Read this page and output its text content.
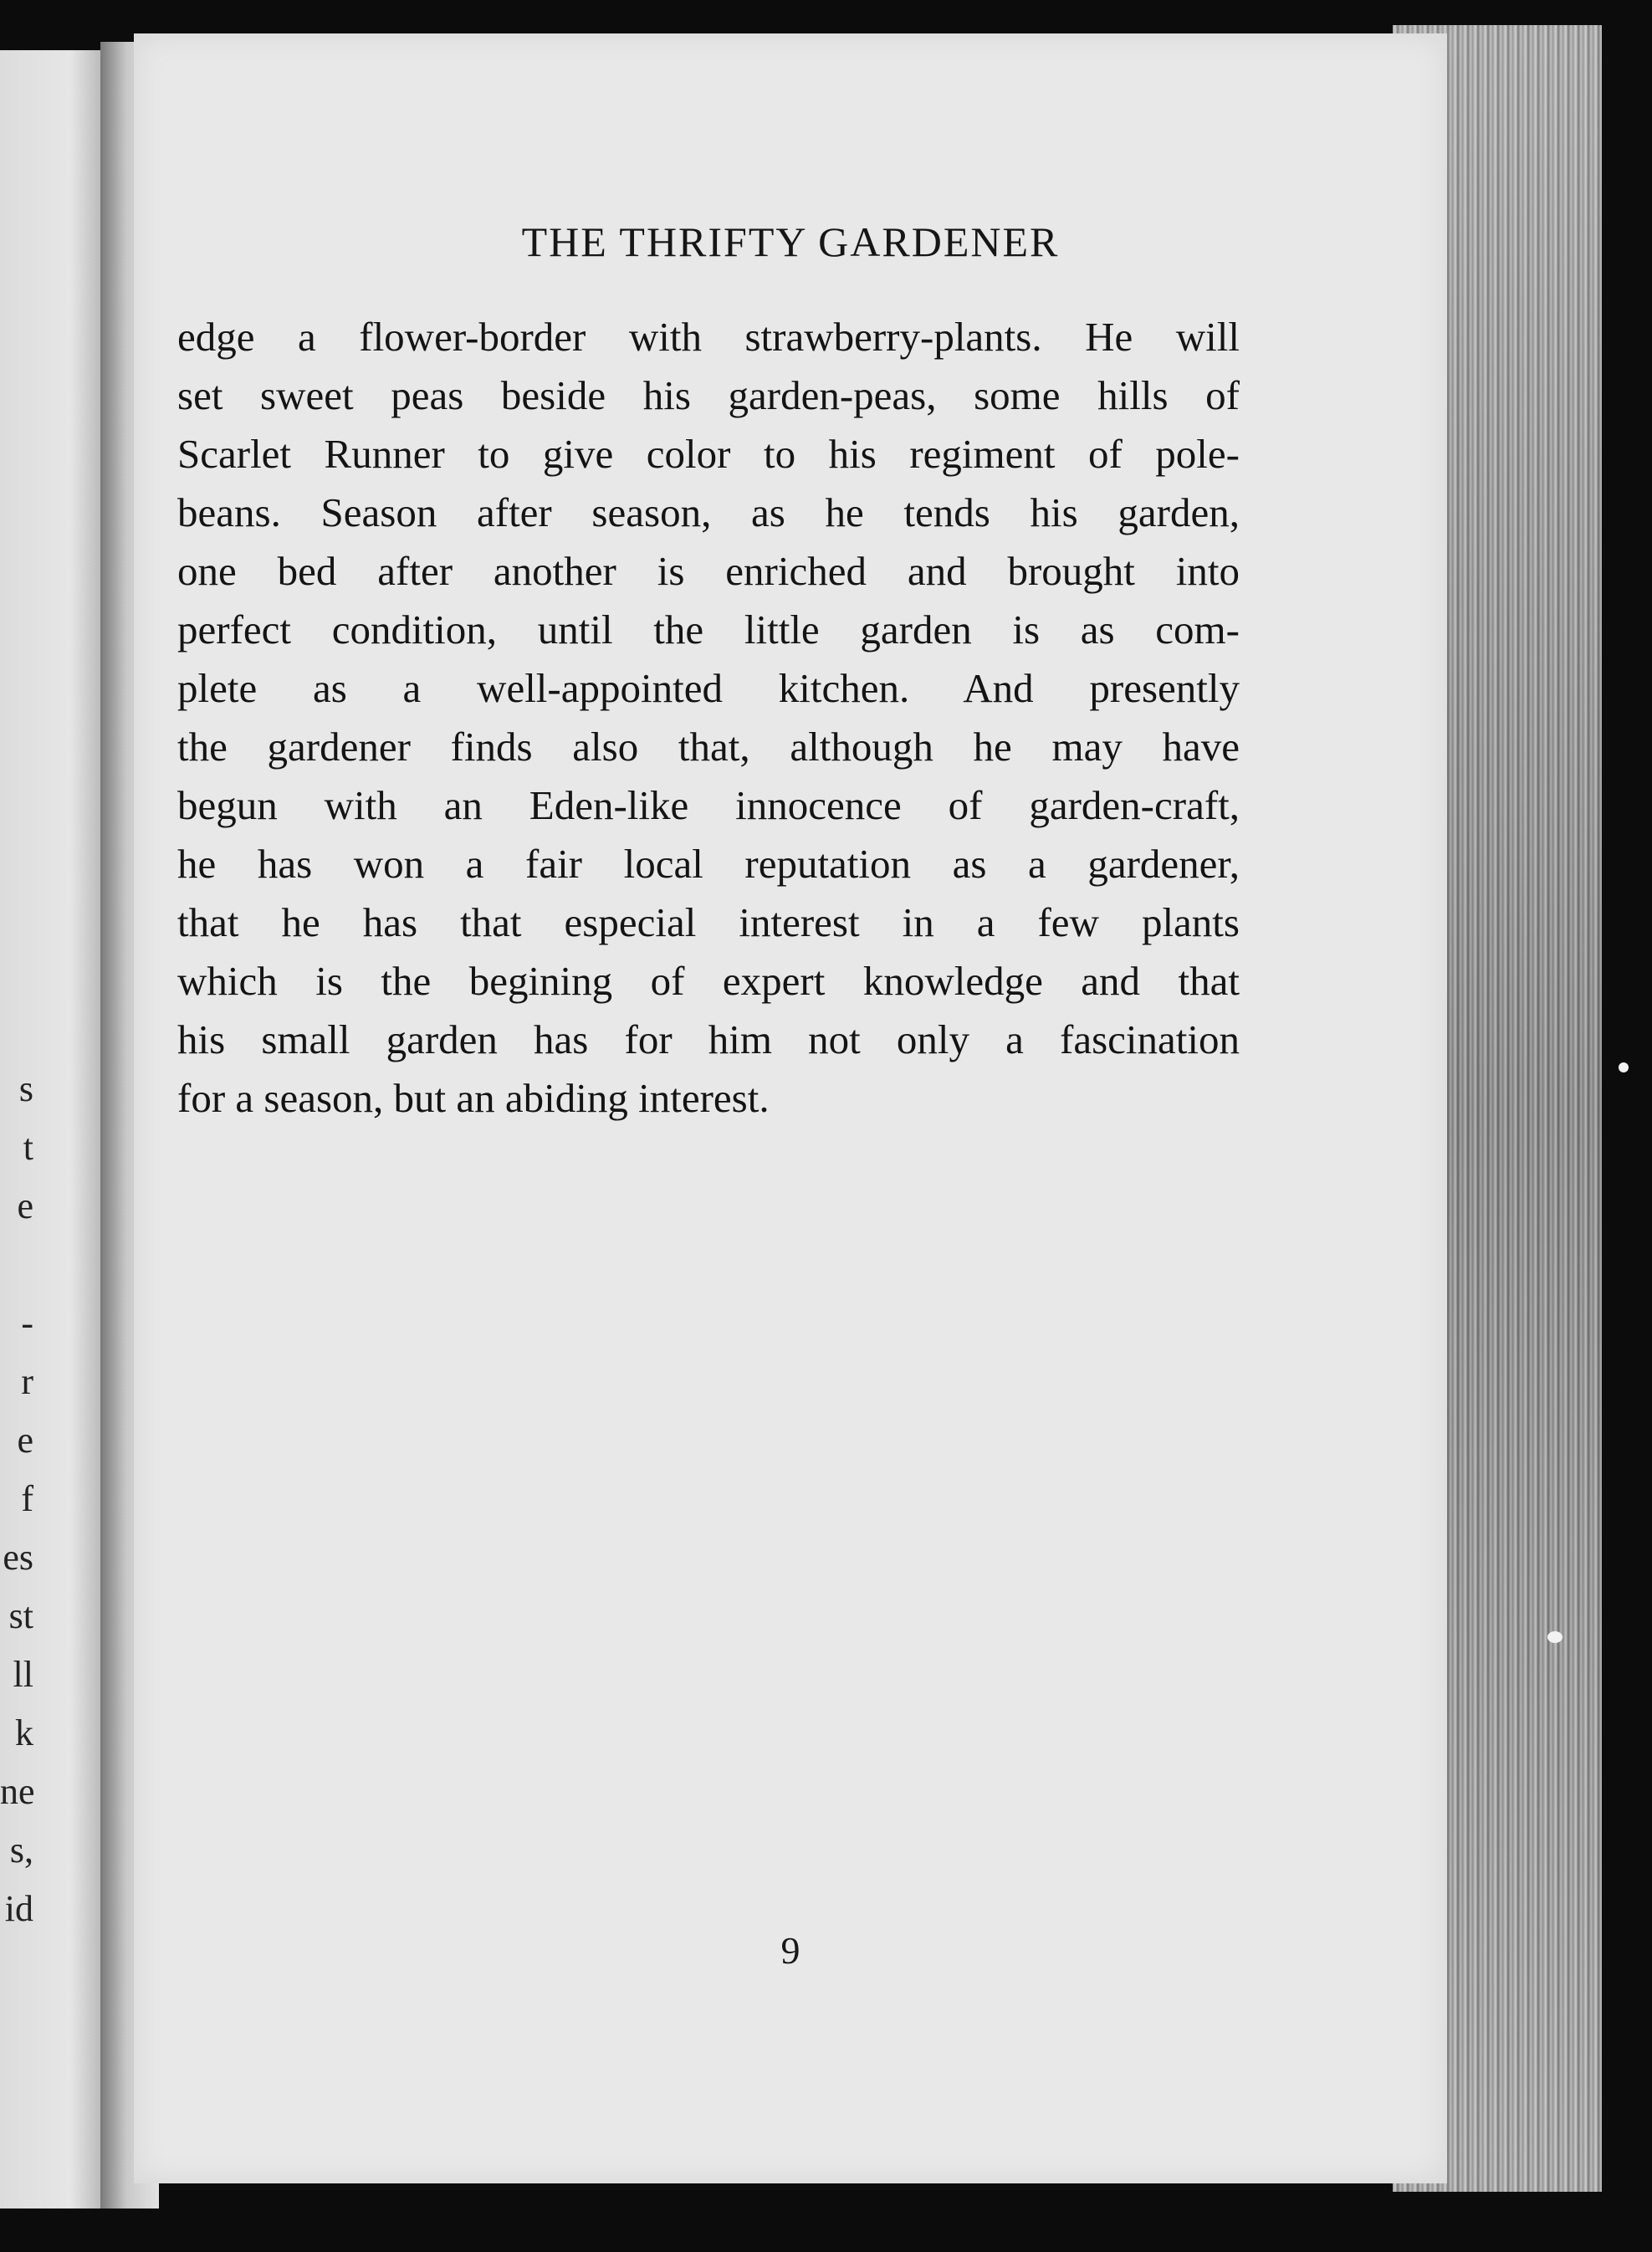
s
t
e
-
r
e
f
es
st
ll
k
ne
s,
id
THE THRIFTY GARDENER
edge a flower-border with strawberry-plants. He will
set sweet peas beside his garden-peas, some hills of
Scarlet Runner to give color to his regiment of pole-
beans. Season after season, as he tends his garden,
one bed after another is enriched and brought into
perfect condition, until the little garden is as com-
plete as a well-appointed kitchen. And presently
the gardener finds also that, although he may have
begun with an Eden-like innocence of garden-craft,
he has won a fair local reputation as a gardener,
that he has that especial interest in a few plants
which is the begining of expert knowledge and that
his small garden has for him not only a fascination
for a season, but an abiding interest.
9
